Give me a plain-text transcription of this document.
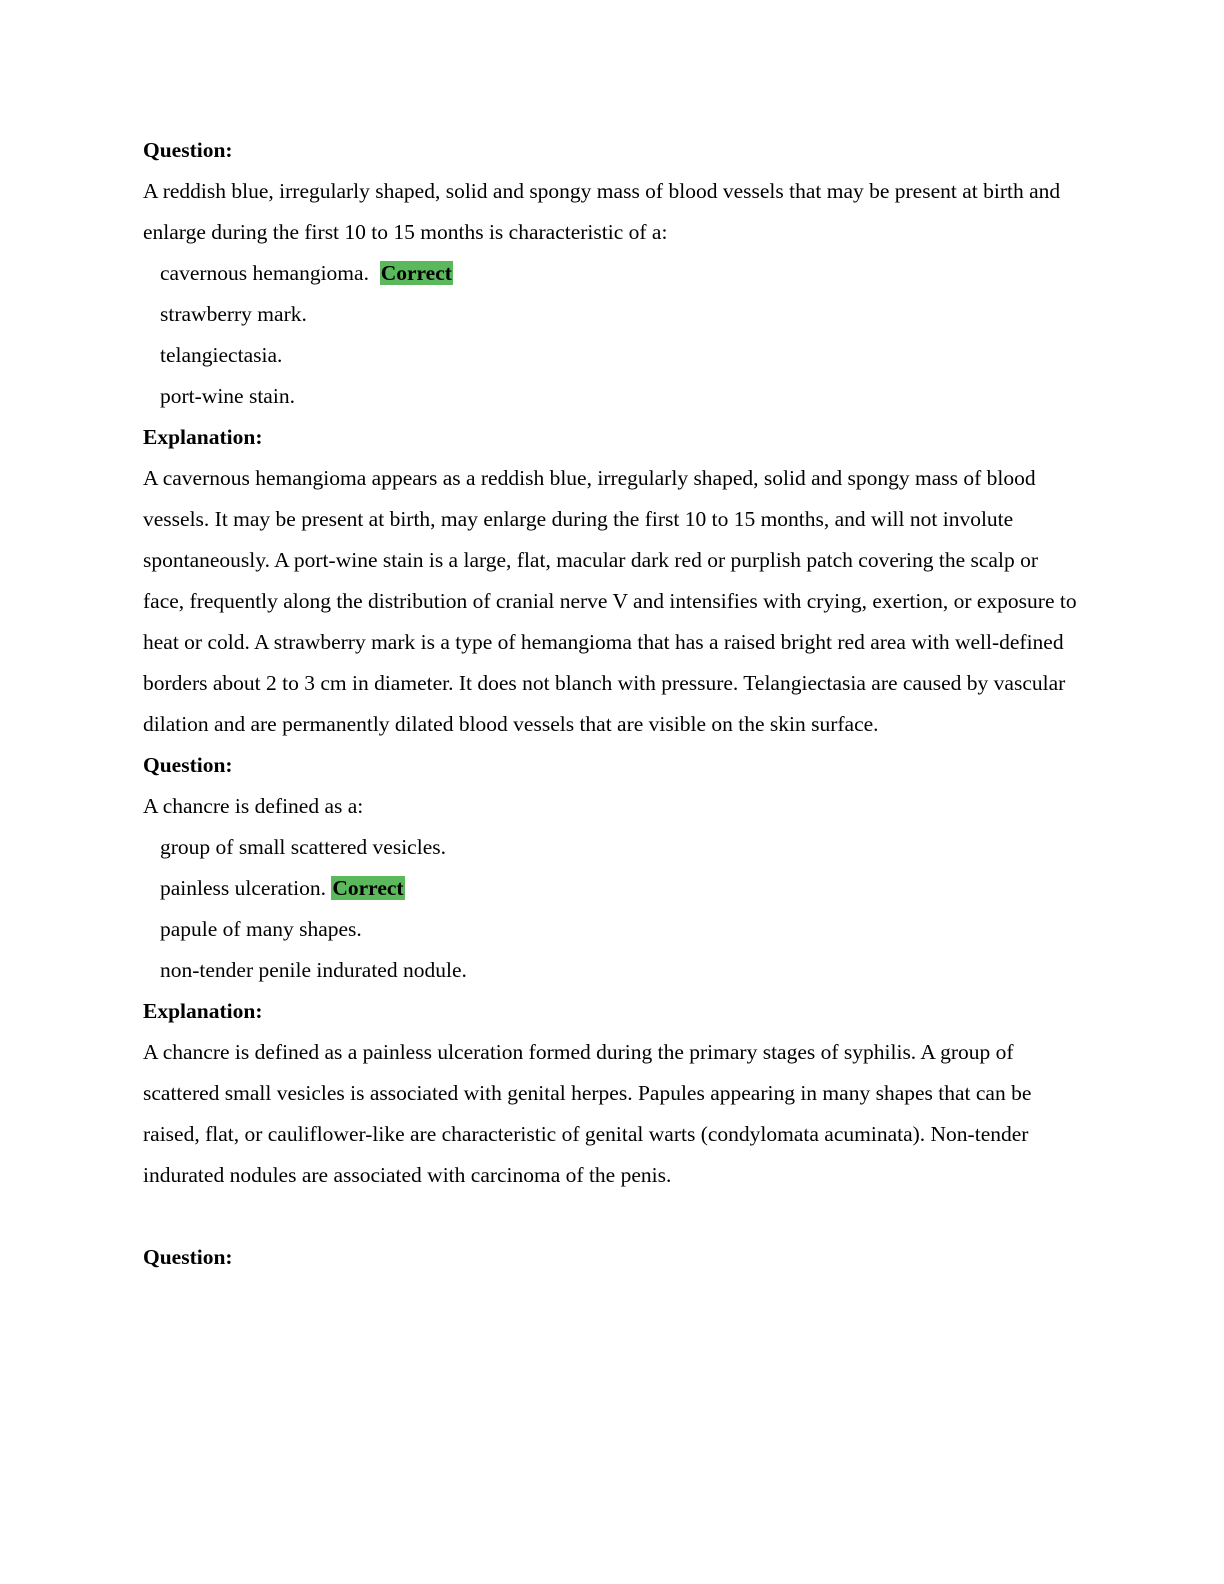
Question:

A reddish blue, irregularly shaped, solid and spongy mass of blood vessels that may be present at birth and enlarge during the first 10 to 15 months is characteristic of a:

cavernous hemangioma. Correct
strawberry mark.
telangiectasia.
port-wine stain.

Explanation:

A cavernous hemangioma appears as a reddish blue, irregularly shaped, solid and spongy mass of blood vessels. It may be present at birth, may enlarge during the first 10 to 15 months, and will not involute spontaneously. A port-wine stain is a large, flat, macular dark red or purplish patch covering the scalp or face, frequently along the distribution of cranial nerve V and intensifies with crying, exertion, or exposure to heat or cold. A strawberry mark is a type of hemangioma that has a raised bright red area with well-defined borders about 2 to 3 cm in diameter. It does not blanch with pressure. Telangiectasia are caused by vascular dilation and are permanently dilated blood vessels that are visible on the skin surface.

Question:

A chancre is defined as a:

group of small scattered vesicles.
painless ulceration. Correct
papule of many shapes.
non-tender penile indurated nodule.

Explanation:

A chancre is defined as a painless ulceration formed during the primary stages of syphilis. A group of scattered small vesicles is associated with genital herpes. Papules appearing in many shapes that can be raised, flat, or cauliflower-like are characteristic of genital warts (condylomata acuminata). Non-tender indurated nodules are associated with carcinoma of the penis.

Question:
